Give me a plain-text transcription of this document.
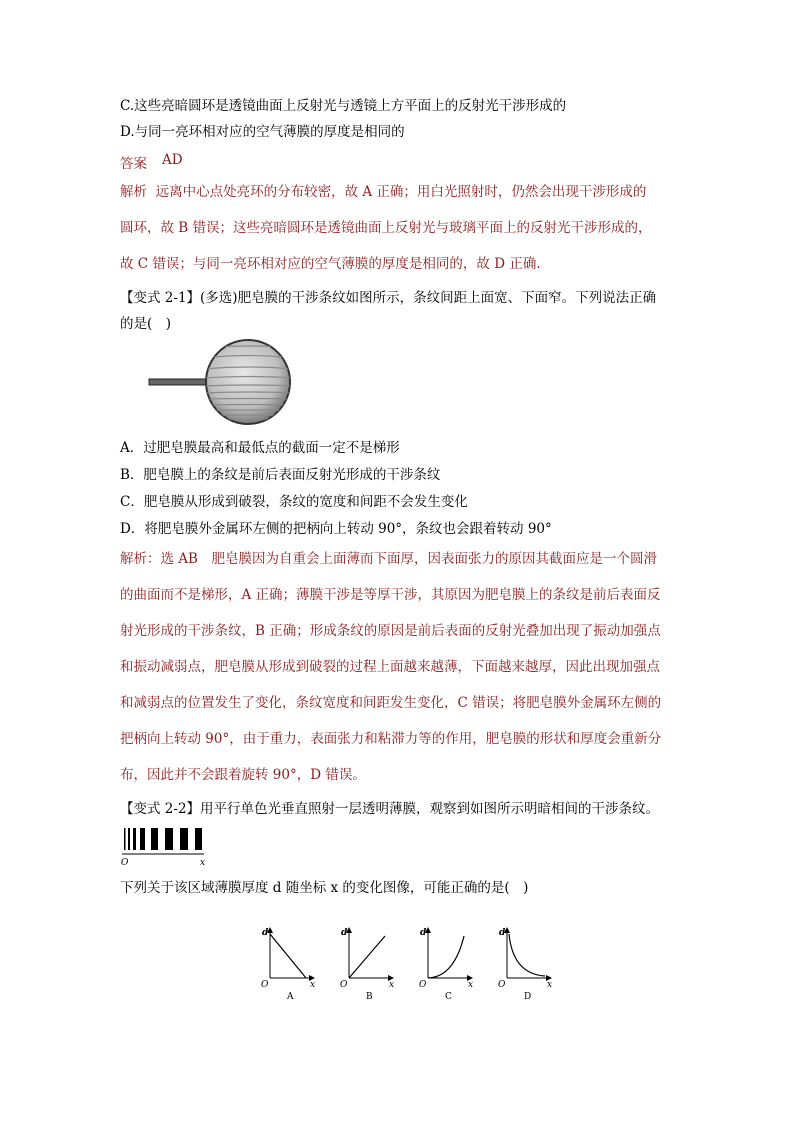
C.这些亮暗圆环是透镜曲面上反射光与透镜上方平面上的反射光干涉形成的
D.与同一亮环相对应的空气薄膜的厚度是相同的
答案 AD
解析 远离中心点处亮环的分布较密，故 A 正确；用白光照射时，仍然会出现干涉形成的
圆环，故 B 错误；这些亮暗圆环是透镜曲面上反射光与玻璃平面上的反射光干涉形成的，
故 C 错误；与同一亮环相对应的空气薄膜的厚度是相同的，故 D 正确.
【变式 2-1】(多选)肥皂膜的干涉条纹如图所示，条纹间距上面宽、下面窄。下列说法正确
的是(　)
A．过肥皂膜最高和最低点的截面一定不是梯形
B．肥皂膜上的条纹是前后表面反射光形成的干涉条纹
C．肥皂膜从形成到破裂，条纹的宽度和间距不会发生变化
D．将肥皂膜外金属环左侧的把柄向上转动 90°，条纹也会跟着转动 90°
解析：选 AB　肥皂膜因为自重会上面薄而下面厚，因表面张力的原因其截面应是一个圆滑
的曲面而不是梯形，A 正确；薄膜干涉是等厚干涉，其原因为肥皂膜上的条纹是前后表面反
射光形成的干涉条纹，B 正确；形成条纹的原因是前后表面的反射光叠加出现了振动加强点
和振动减弱点，肥皂膜从形成到破裂的过程上面越来越薄，下面越来越厚，因此出现加强点
和减弱点的位置发生了变化，条纹宽度和间距发生变化，C 错误；将肥皂膜外金属环左侧的
把柄向上转动 90°，由于重力，表面张力和粘滞力等的作用，肥皂膜的形状和厚度会重新分
布，因此并不会跟着旋转 90°，D 错误。
【变式 2-2】用平行单色光垂直照射一层透明薄膜，观察到如图所示明暗相间的干涉条纹。
O	x
下列关于该区域薄膜厚度 d 随坐标 x 的变化图像，可能正确的是(　)
d
O	x
A
d
O	x
B
d
O	x
C
d
O	x
D
